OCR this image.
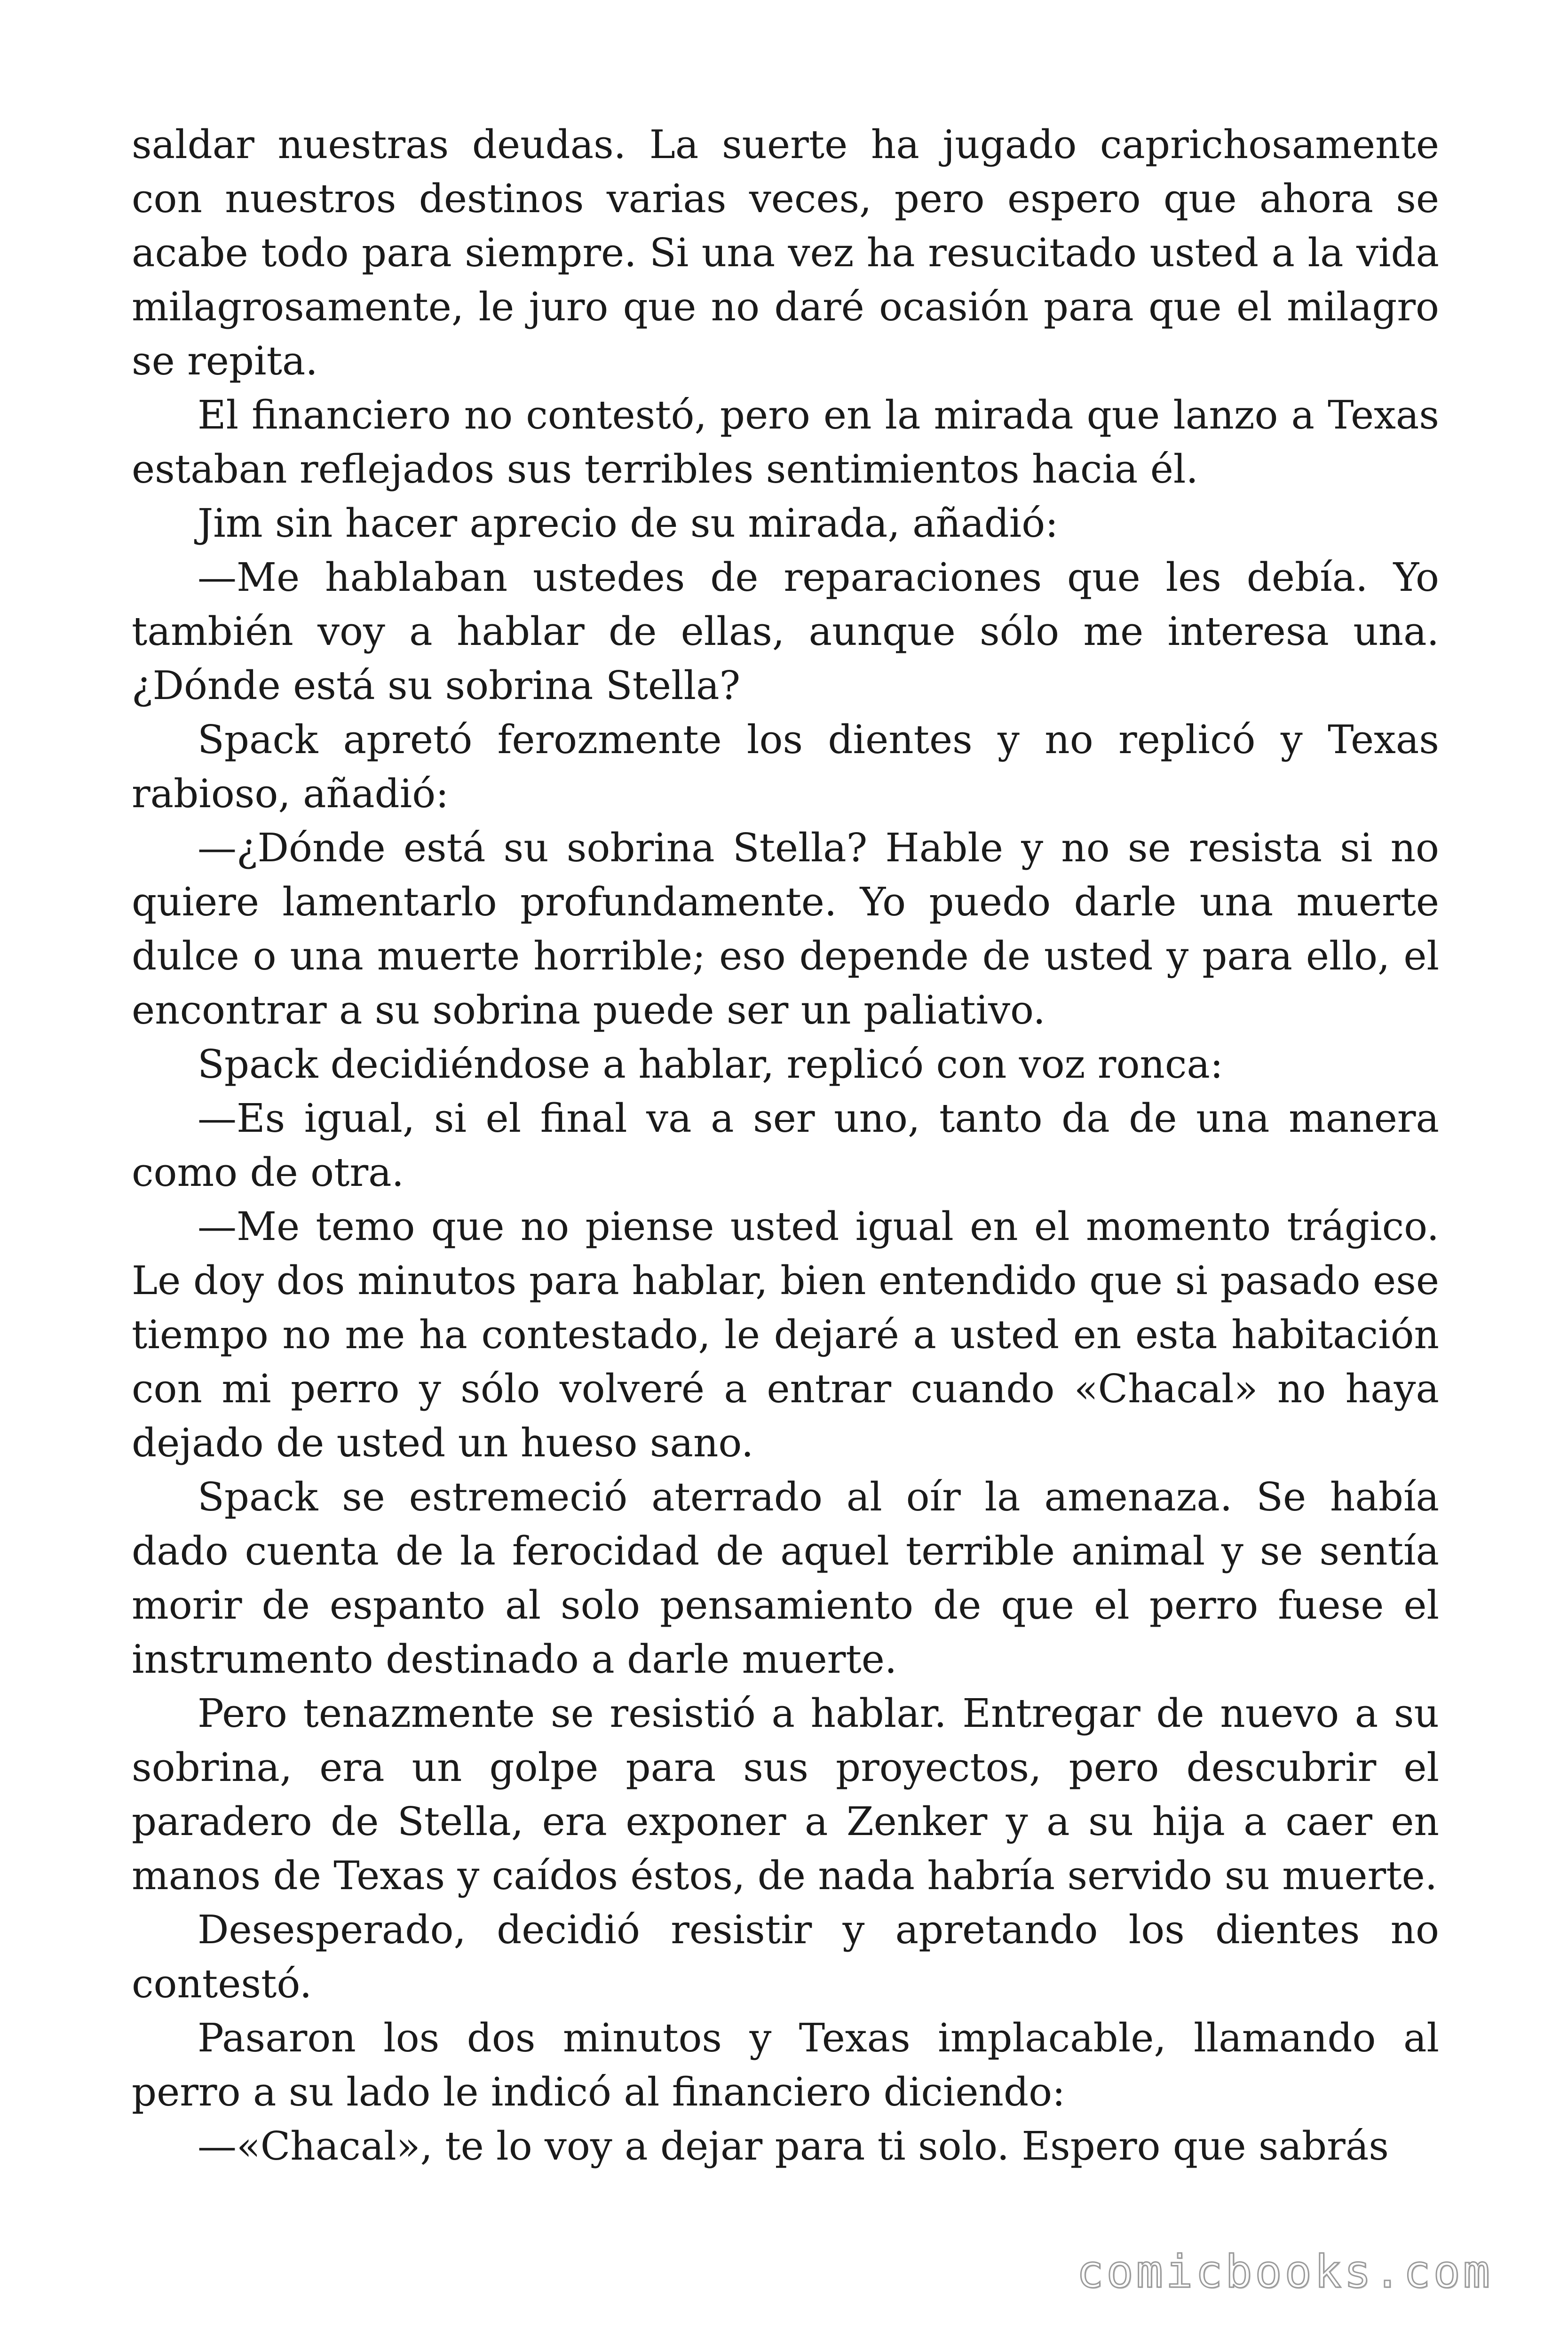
saldar nuestras deudas. La suerte ha jugado caprichosamente con nuestros destinos varias veces, pero espero que ahora se acabe todo para siempre. Si una vez ha resucitado usted a la vida milagrosamente, le juro que no daré ocasión para que el milagro se repita.

El financiero no contestó, pero en la mirada que lanzo a Texas estaban reflejados sus terribles sentimientos hacia él.

Jim sin hacer aprecio de su mirada, añadió:

—Me hablaban ustedes de reparaciones que les debía. Yo también voy a hablar de ellas, aunque sólo me interesa una. ¿Dónde está su sobrina Stella?

Spack apretó ferozmente los dientes y no replicó y Texas rabioso, añadió:

—¿Dónde está su sobrina Stella? Hable y no se resista si no quiere lamentarlo profundamente. Yo puedo darle una muerte dulce o una muerte horrible; eso depende de usted y para ello, el encontrar a su sobrina puede ser un paliativo.

Spack decidiéndose a hablar, replicó con voz ronca:

—Es igual, si el final va a ser uno, tanto da de una manera como de otra.

—Me temo que no piense usted igual en el momento trágico. Le doy dos minutos para hablar, bien entendido que si pasado ese tiempo no me ha contestado, le dejaré a usted en esta habitación con mi perro y sólo volveré a entrar cuando «Chacal» no haya dejado de usted un hueso sano.

Spack se estremeció aterrado al oír la amenaza. Se había dado cuenta de la ferocidad de aquel terrible animal y se sentía morir de espanto al solo pensamiento de que el perro fuese el instrumento destinado a darle muerte.

Pero tenazmente se resistió a hablar. Entregar de nuevo a su sobrina, era un golpe para sus proyectos, pero descubrir el paradero de Stella, era exponer a Zenker y a su hija a caer en manos de Texas y caídos éstos, de nada habría servido su muerte.

Desesperado, decidió resistir y apretando los dientes no contestó.

Pasaron los dos minutos y Texas implacable, llamando al perro a su lado le indicó al financiero diciendo:

—«Chacal», te lo voy a dejar para ti solo. Espero que sabrás

comicbooks.com
